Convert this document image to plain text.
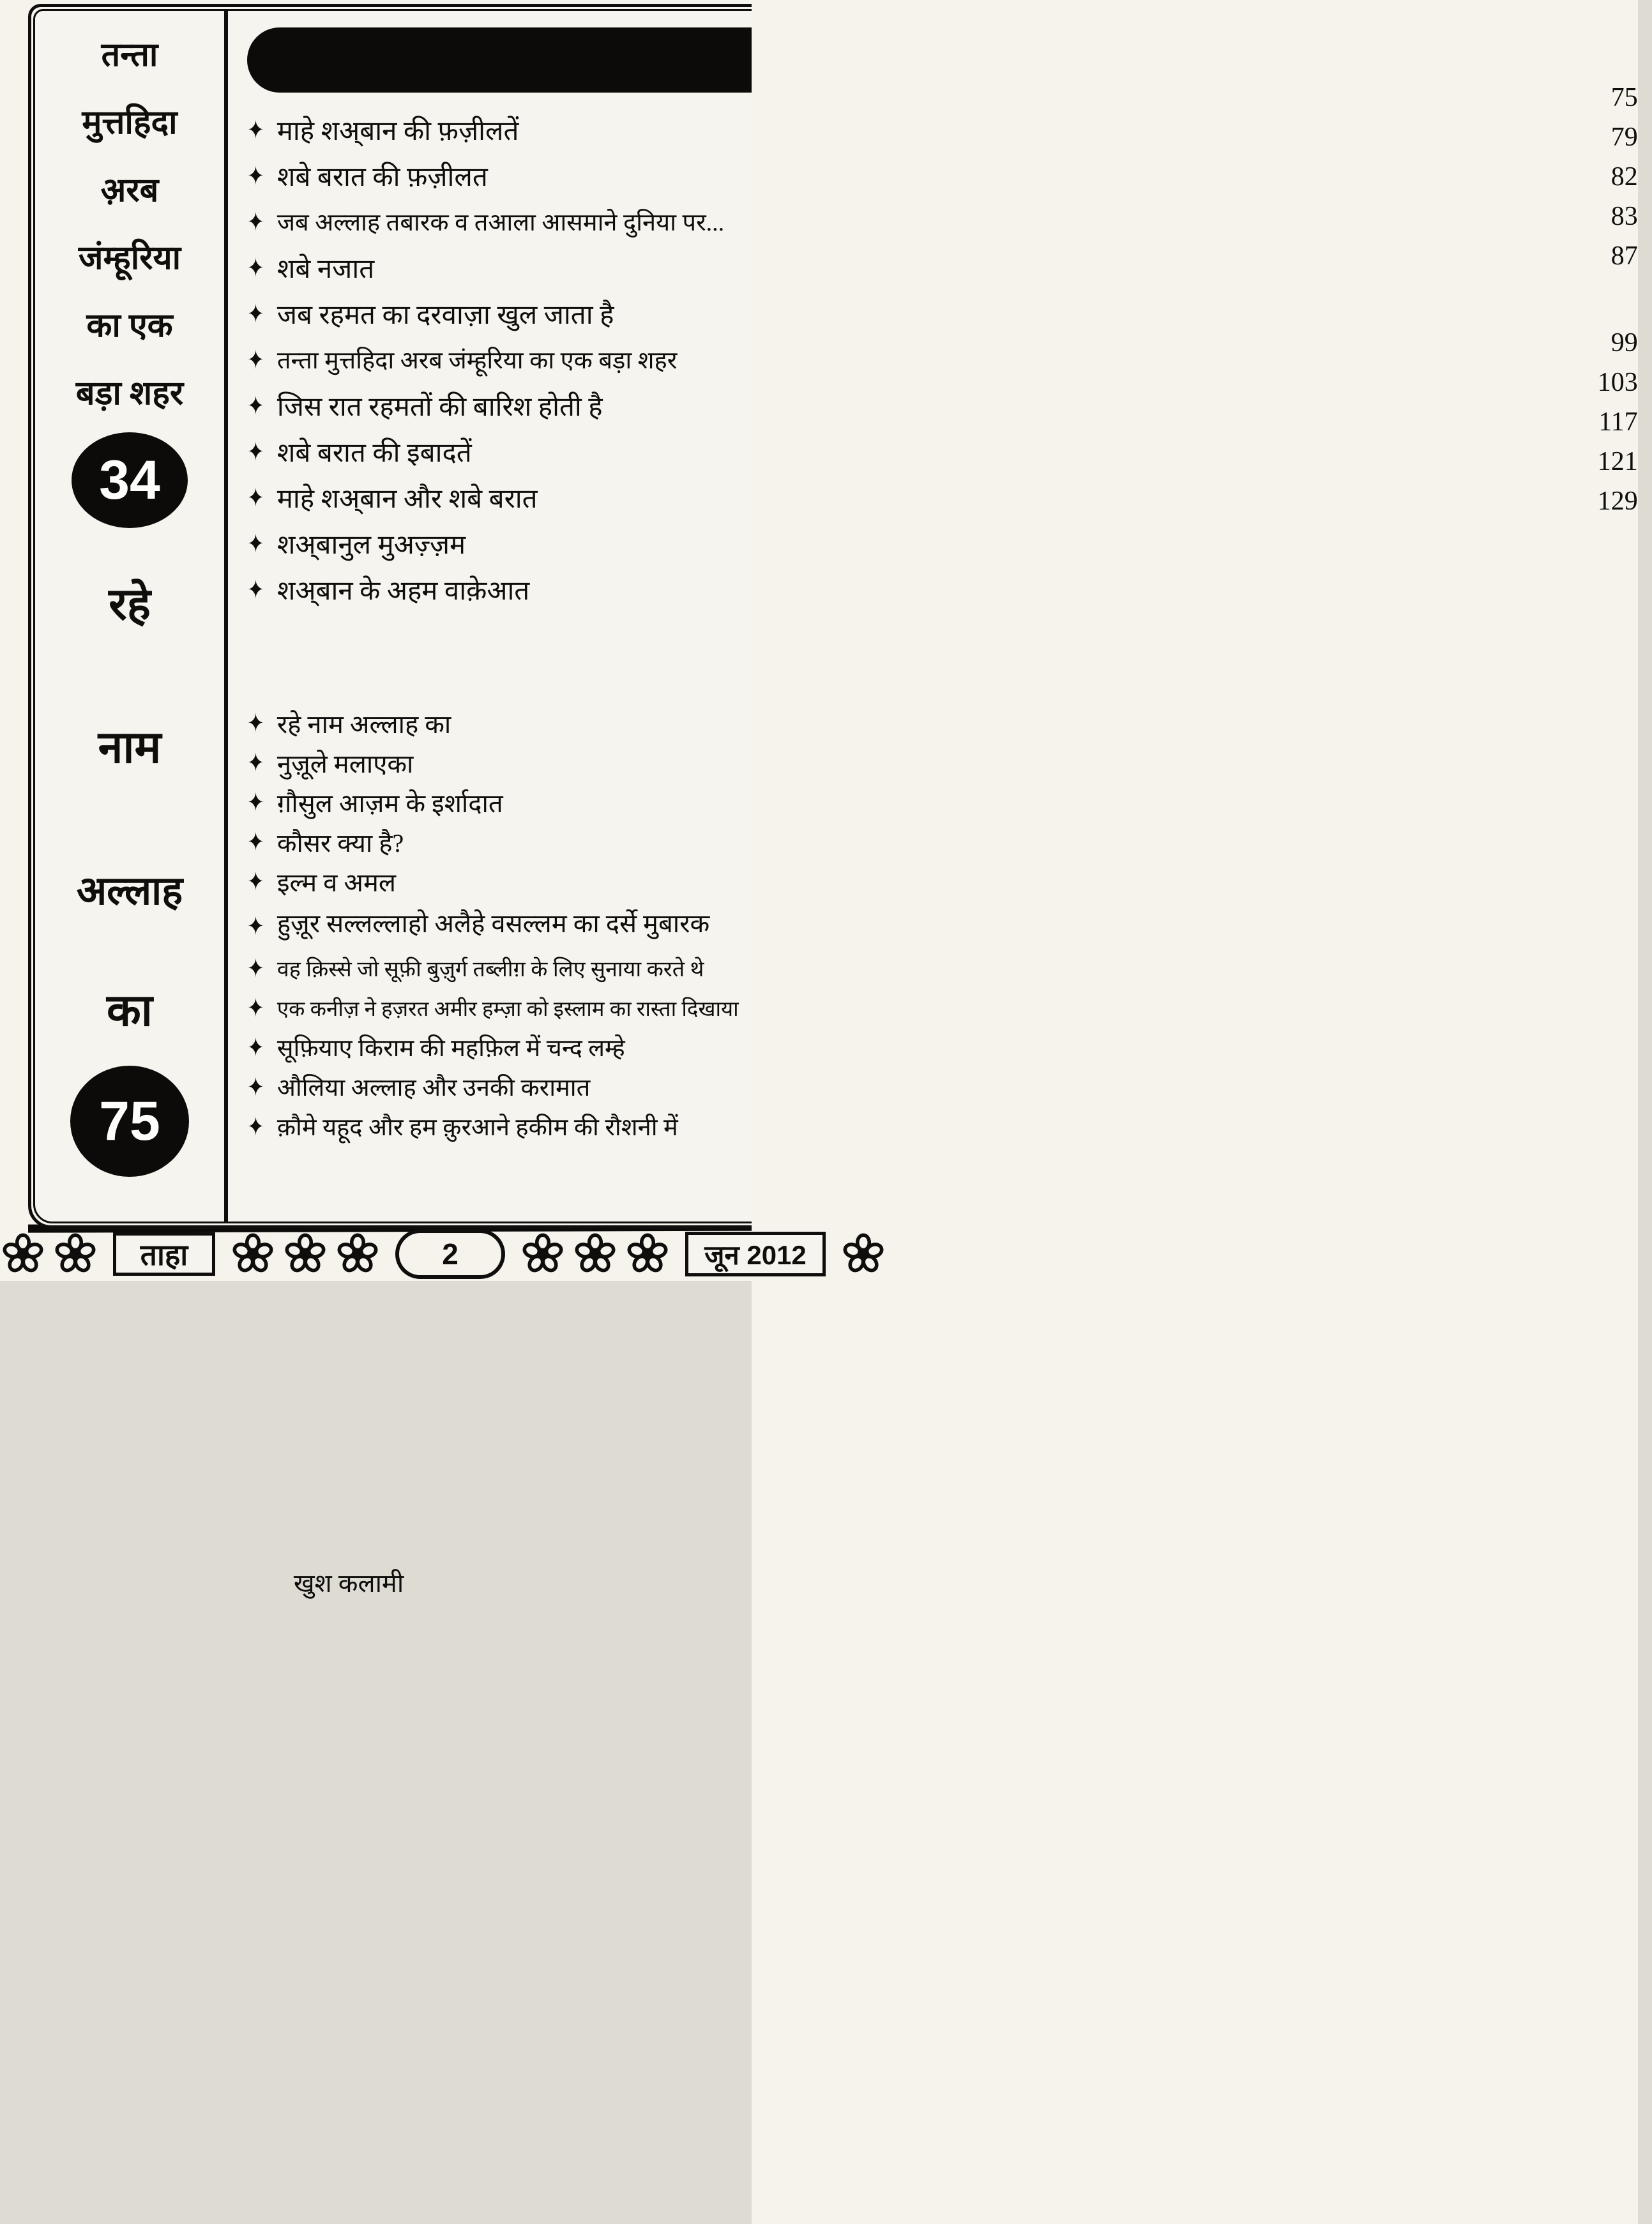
तन्ता
मुत्तहिदा
अ़रब
जंम्हूरिया
का एक
बड़ा शहर
34
रहे
नाम
अल्लाह
का
75
✦ माहे शअ्बान की फ़ज़ीलतें
✦ शबे बरात की फ़ज़ीलत
✦ जब अल्लाह तबारक व तआला आसमाने दुनिया पर...
✦ शबे नजात
✦ जब रहमत का दरवाज़ा खुल जाता है
✦ तन्ता मुत्तहिदा अरब जंम्हूरिया का एक बड़ा शहर
✦ जिस रात रहमतों की बारिश होती है
✦ शबे बरात की इबादतें
✦ माहे शअ्बान और शबे बरात
✦ शअ्बानुल मुअज़्ज़म
✦ शअ्बान के अहम वाक़ेआत
✦ रहे नाम अल्लाह का
75
✦ नुज़ूले मलाएका
79
✦ ग़ौसुल आज़म के इर्शादात
82
✦ कौसर क्या है?
83
✦ इल्म व अमल
87
✦ हुज़ूर सल्लल्लाहो अलैहे वसल्लम का दर्से मुबारक
खुश कलामी
✦ वह क़िस्से जो सूफ़ी बुज़ुर्ग तब्लीग़ के लिए सुनाया करते थे
99
✦ एक कनीज़ ने हज़रत अमीर हम्ज़ा को इस्लाम का रास्ता दिखाया
103
✦ सूफ़ियाए किराम की महफ़िल में चन्द लम्हे
117
✦ औलिया अल्लाह और उनकी करामात
121
✦ क़ौमे यहूद और हम क़ुरआने हकीम की रौशनी में
129
ताहा	2	जून 2012
